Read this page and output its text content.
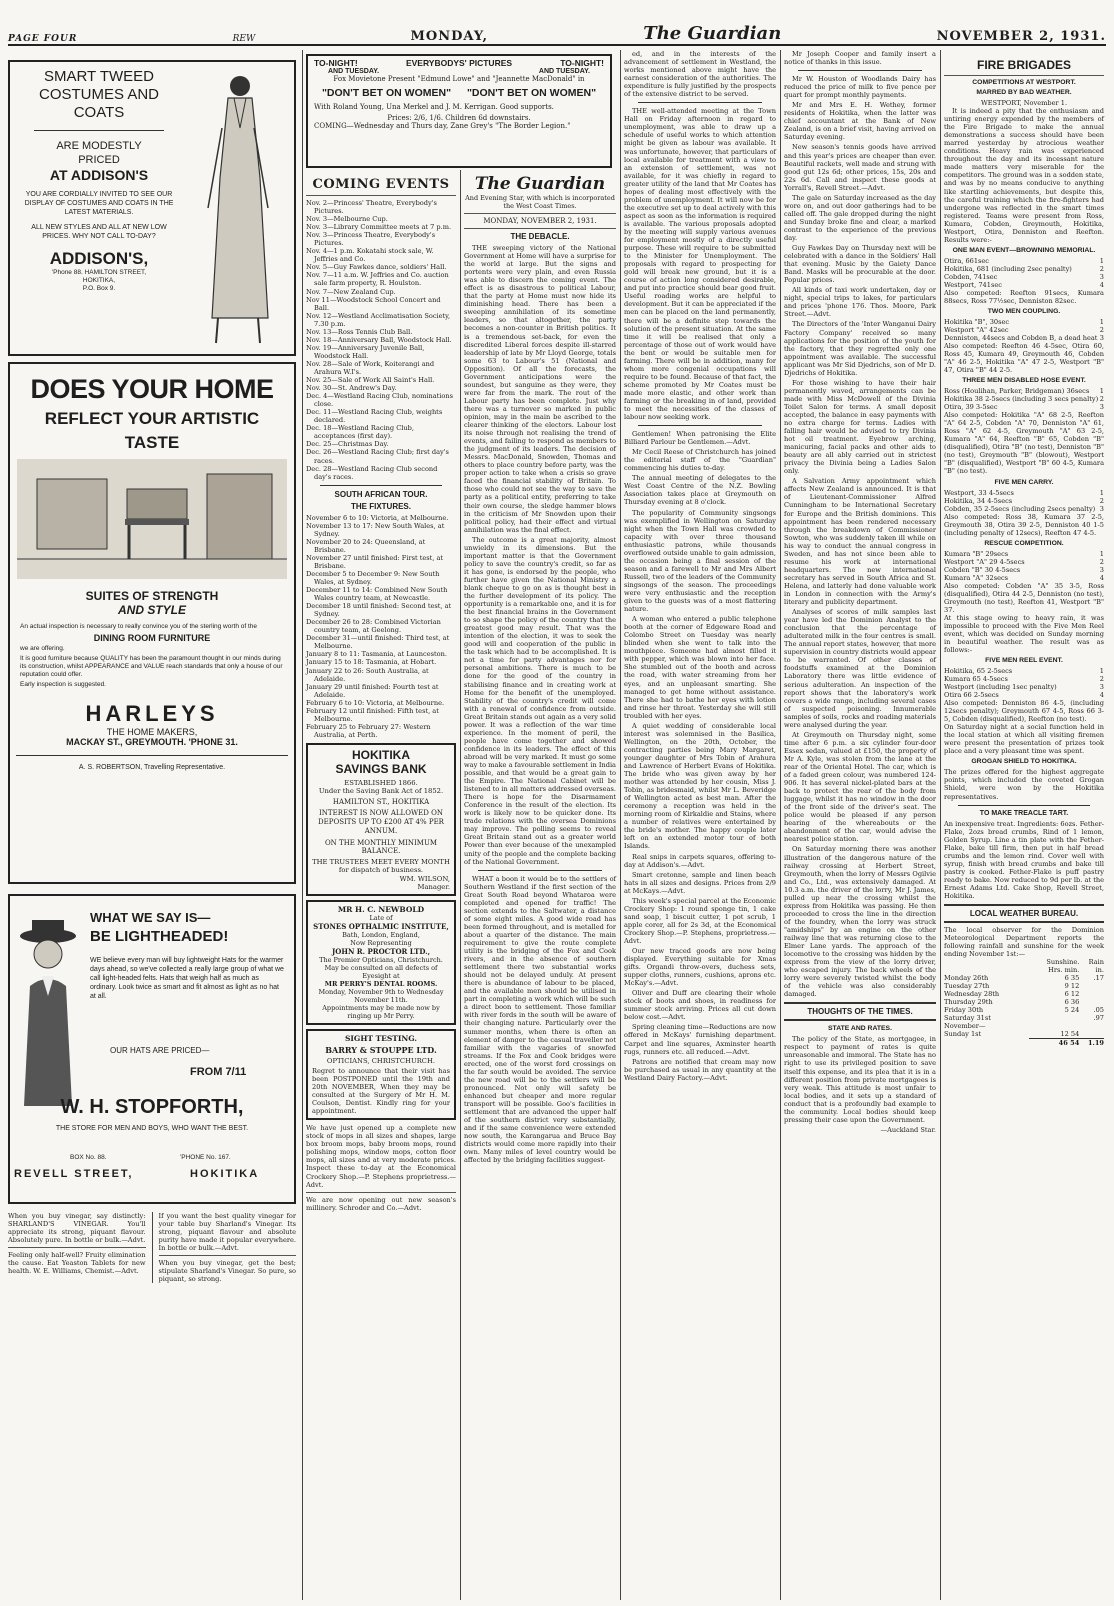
PAGE FOUR	REW	MONDAY,	The Guardian	NOVEMBER 2, 1931.
SMART TWEED
COSTUMES AND
COATS
ARE MODESTLY
PRICED
AT ADDISON'S
YOU ARE CORDIALLY INVITED TO SEE OUR DISPLAY OF COSTUMES AND COATS IN THE LATEST MATERIALS.
ALL NEW STYLES AND ALL AT NEW LOW PRICES. WHY NOT CALL TO-DAY?
ADDISON'S,
'Phone 88. HAMILTON STREET,
HOKITIKA,
P.O. Box 9.
DOES YOUR HOME
REFLECT YOUR ARTISTIC
TASTE
SUITES OF STRENGTH
AND STYLE
An actual inspection is necessary to really convince you of the sterling worth of the
DINING ROOM FURNITURE
we are offering.
It is good furniture because QUALITY has been the paramount thought in our minds during its construction, whilst APPEARANCE and VALUE reach standards that only a house of our reputation could offer.
Early inspection is suggested.
HARLEYS
THE HOME MAKERS,
MACKAY ST., GREYMOUTH. 'PHONE 31.
A. S. ROBERTSON, Travelling Representative.
WHAT WE SAY IS—
BE LIGHTHEADED!
WE believe every man will buy lightweight Hats for the warmer days ahead, so we've collected a really large group of what we call light-headed felts. Hats that weigh half as much as ordinary. Look twice as smart and fit almost as light as no hat at all.
OUR HATS ARE PRICED—
FROM 7/11
W. H. STOPFORTH,
THE STORE FOR MEN AND BOYS, WHO WANT THE BEST.
BOX No. 88.	'PHONE No. 167.
REVELL STREET,	HOKITIKA

When you buy vinegar, say distinctly: SHARLAND'S VINEGAR. You'll appreciate its strong, piquant flavour. Absolutely pure. In bottle or bulk.—Advt.

Feeling only half-well? Fruity elimination the cause. Eat Yeaston Tablets for new health. W. E. Williams, Chemist.—Advt.

If you want the best quality vinegar for your table buy Sharland's Vinegar. Its strong, piquant flavour and absolute purity have made it popular everywhere. In bottle or bulk.—Advt.

When you buy vinegar, get the best; stipulate Sharland's Vinegar. So pure, so piquant, so strong.

TO-NIGHT!	EVERYBODYS' PICTURES	TO-NIGHT!
AND TUESDAY.	AND TUESDAY.
Fox Movietone Present "Edmund Lowe" and "Jeannette MacDonald" in
"DON'T BET ON WOMEN" "DON'T BET ON WOMEN"
With Roland Young, Una Merkel and J. M. Kerrigan. Good supports.
Prices: 2/6, 1/6. Children 6d downstairs.
COMING—Wednesday and Thurs day, Zane Grey's "The Border Legion."
COMING EVENTS

Nov. 2—Princess' Theatre, Everybody's Pictures.

Nov. 3—Melbourne Cup.

Nov. 3—Library Committee meets at 7 p.m.

Nov. 3—Princess Theatre, Everybody's Pictures.

Nov. 4—1 p.m. Kokatahi stock sale, W. Jeffries and Co.

Nov. 5—Guy Fawkes dance, soldiers' Hall.

Nov. 7—11 a.m. W. Jeffries and Co. auction sale farm property, R. Houlston.

Nov. 7—New Zealand Cup.

Nov 11—Woodstock School Concert and Ball.

Nov. 12—Westland Acclimatisation Society, 7.30 p.m.

Nov. 13—Ross Tennis Club Ball.

Nov. 18—Anniversary Ball, Woodstock Hall.

Nov. 19—Anniversary Juvenile Ball, Woodstock Hall.

Nov. 28—Sale of Work, Koiterangi and Arahura W.I's.

Nov. 25—Sale of Work All Saint's Hall.

Nov. 30—St. Andrew's Day.

Dec. 4—Westland Racing Club, nominations close.

Dec. 11—Westland Racing Club, weights declared.

Dec. 18—Westland Racing Club, acceptances (first day).

Dec. 25—Christmas Day.

Dec. 26—Westland Racing Club; first day's races.

Dec. 28—Westland Racing Club second day's races.

SOUTH AFRICAN TOUR.
THE FIXTURES.

November 6 to 10: Victoria, at Melbourne.

November 13 to 17: New South Wales, at Sydney.

November 20 to 24: Queensland, at Brisbane.

November 27 until finished: First test, at Brisbane.

December 5 to December 9: New South Wales, at Sydney.

December 11 to 14: Combined New South Wales country team, at Newcastle.

December 18 until finished: Second test, at Sydney.

December 26 to 28: Combined Victorian country team, at Geelong.

December 31—until finished: Third test, at Melbourne.

January 8 to 11: Tasmania, at Launceston.

January 15 to 18: Tasmania, at Hobart.

January 22 to 26: South Australia, at Adelaide.

January 29 until finished: Fourth test at Adelaide.

February 6 to 10: Victoria, at Melbourne.

February 12 until finished: Fifth test, at Melbourne.

February 25 to February 27: Western Australia, at Perth.

HOKITIKA
SAVINGS BANK
ESTABLISHED 1866.
Under the Saving Bank Act of 1852.
HAMILTON ST., HOKITIKA
INTEREST IS NOW ALLOWED ON DEPOSITS UP TO £200 AT 4% PER ANNUM.
ON THE MONTHLY MINIMUM BALANCE.
THE TRUSTEES MEET EVERY MONTH for dispatch of business.
WM. WILSON,
Manager.
MR H. C. NEWBOLD
Late of
STONES OPTHALMIC INSTITUTE,
Bath, London, England,
Now Representing
JOHN R. PROCTOR LTD.,
The Premier Opticians, Christchurch.
May be consulted on all defects of Eyesight at
MR PERRY'S DENTAL ROOMS.
Monday, November 9th to Wednesday November 11th.
Appointments may be made now by ringing up Mr Perry.
SIGHT TESTING.
BARRY & STOUPPE LTD.
OPTICIANS, CHRISTCHURCH.
Regret to announce that their visit has been POSTPONED until the 19th and 20th NOVEMBER, When they may be consulted at the Surgery of Mr H. M. Coulson, Dentist. Kindly ring for your appointment.

We have just opened up a complete new stock of mops in all sizes and shapes, large box broom mops, baby broom mops, round polishing mops, window mops, cotton floor mops, all sizes and at very moderate prices. Inspect these to-day at the Economical Crockery Shop.—P. Stephens proprietress.—Advt.

We are now opening out new season's millinery. Schroder and Co.—Advt.

The Guardian
And Evening Star, with which is incorporated the West Coast Times.
MONDAY, NOVEMBER 2, 1931.
THE DEBACLE.

THE sweeping victory of the National Government at Home will have a surprise for the world at large. But the signs and portents were very plain, and even Russia was able to discern the coming event. The effect is as disastrous to political Labour, that the party at Home must now hide its diminishing head. There has been a sweeping annihilation of its sometime leaders, so that altogether, the party becomes a non-counter in British politics. It is a tremendous set-back, for even the discredited Liberal forces despite ill-starred leadership of late by Mr Lloyd George, totals some 63 to Labour's 51 (National and Opposition). Of all the forecasts, the Government anticipations were the soundest, but sanguine as they were, they were far from the mark. The rout of the Labour party has been complete. Just why there was a turnover so marked in public opinion, may in the main be ascribed to the clearer thinking of the electors. Labour lost its noise through not realising the trend of events, and failing to respond as members to the judgment of its leaders. The decision of Messrs. MacDonald, Snowden, Thomas and others to place country before party, was the proper action to take when a crisis so grave faced the financial stability of Britain. To those who could not see the way to save the party as a political entity, preferring to take their own course, the sledge hammer blows in the criticism of Mr Snowden upon their political policy, had their effect and virtual annihilation was the final effect.

The outcome is a great majority, almost unwieldy in its dimensions. But the important matter is that the Government policy to save the country's credit, so far as it has gone, is endorsed by the people, who further have given the National Ministry a blank cheque to go on as is thought best in the further development of its policy. The opportunity is a remarkable one, and it is for the best financial brains in the Government to so shape the policy of the country that the greatest good may result. That was the intention of the election, it was to seek the good will and cooperation of the public in the task which had to be accomplished. It is not a time for party advantages nor for personal ambitions. There is much to be done for the good of the country in stabilising finance and in creating work at Home for the benefit of the unemployed. Stability of the country's credit will come with a renewal of confidence from outside. Great Britain stands out again as a very solid power. It was a reflection of the war time experience. In the moment of peril, the people have come together and showed confidence in its leaders. The effect of this abroad will be very marked. It must go some way to make a favourable settlement in India possible, and that would be a great gain to the Empire. The National Cabinet will be listened to in all matters addressed overseas. There is hope for the Disarmament Conference in the result of the election. Its work is likely now to be quicker done. Its trade relations with the oversea Dominions may improve. The polling seems to reveal Great Britain stand out as a greater world Power than ever because of the unexampled unity of the people and the complete backing of the National Government.

WHAT a boon it would be to the settlers of Southern Westland if the first section of the Great South Road beyond Whataroa were completed and opened for traffic! The section extends to the Saltwater, a distance of some eight miles. A good wide road has been formed throughout, and is metalled for about a quarter of the distance. The main requirement to give the route complete utility is the bridging of the Fox and Cook rivers, and in the absence of southern settlement there two substantial works should not be delayed unduly. At present there is abundance of labour to be placed, and the available men should be utilised in part in completing a work which will be such a direct boon to settlement. Those familiar with river fords in the south will be aware of their changing nature. Particularly over the summer months, when there is often an element of danger to the casual traveller not familiar with the vagaries of snowfed streams. If the Fox and Cook bridges were erected, one of the worst ford crossings on the far south would be avoided. The service the new road will be to the settlers will be pronounced. Not only will safety be enhanced but cheaper and more regular transport will be possible. Goo's facilities in settlement that are advanced the upper half of the southern district very substantially, and if the same convenience were extended now south, the Karangarua and Bruce Bay districts would come more rapidly into their own. Many miles of level country would be affected by the bridging facilities suggest-

ed, and in the interests of the advancement of settlement in Westland, the works mentioned above might have the earnest consideration of the authorities. The expenditure is fully justified by the prospects of the extensive district to be served.

THE well-attended meeting at the Town Hall on Friday afternoon in regard to unemployment, was able to draw up a schedule of useful works to which attention might be given as labour was available. It was unfortunate, however, that particulars of local available for treatment with a view to an extension of settlement, was not available, for it was chiefly in regard to greater utility of the land that Mr Coates has hopes of dealing most effectively with the problem of unemployment. It will now be for the executive set up to deal actively with this aspect as soon as the information is required is available. The various proposals adopted by the meeting will supply various avenues for employment mostly of a directly useful purpose. These will require to be submitted to the Minister for Unemployment. The proposals with regard to prospecting for gold will break new ground, but it is a course of action long considered desirable, and put into practice should bear good fruit. Useful roading works are helpful to development. But it can be appreciated if the men can be placed on the land permanently, there will be a definite step towards the solution of the present situation. At the same time it will be realised that only a percentage of those out of work would have the bent or would be suitable men for farming. There will be in addition, many for whom more congenial occupations will require to be found. Because of that fact, the scheme promoted by Mr Coates must be made more elastic, and other work than farming or the breaking in of land, provided to meet the necessities of the classes of labour now seeking work.

Gentlemen! When patronising the Elite Billiard Parlour be Gentlemen.—Advt.

Mr Cecil Reese of Christchurch has joined the editorial staff of the "Guardian" commencing his duties to-day.

The annual meeting of delegates to the West Coast Centre of the N.Z. Bowling Association takes place at Greymouth on Thursday evening at 8 o'clock.

The popularity of Community singsongs was exemplified in Wellington on Saturday night when the Town Hall was crowded to capacity with over three thousand enthusiastic patrons, while thousands overflowed outside unable to gain admission, the occasion being a final session of the season and a farewell to Mr and Mrs Albert Russell, two of the leaders of the Community singsongs of the season. The proceedings were very enthusiastic and the reception given to the guests was of a most flattering nature.

A woman who entered a public telephone booth at the corner of Edgeware Road and Colombo Street on Tuesday was nearly blinded when she went to talk into the mouthpiece. Someone had almost filled it with pepper, which was blown into her face. She stumbled out of the booth and across the road, with water streaming from her eyes, and an unpleasant smarting. She managed to get home without assistance. There she had to bathe her eyes with lotion and rinse her throat. Yesterday she will still troubled with her eyes.

A quiet wedding of considerable local interest was solemnised in the Basilica, Wellington, on the 20th, October, the contracting parties being Mary Margaret, younger daughter of Mrs Tobin of Arahura and Lawrence of Herbert Evans of Hokitika. The bride who was given away by her mother was attended by her cousin, Miss J. Tobin, as bridesmaid, whilst Mr L. Beveridge of Wellington acted as best man. After the ceremony a reception was held in the morning room of Kirkaldie and Stains, where a number of relatives were entertained by the bride's mother. The happy couple later left on an extended motor tour of both Islands.

Real snips in carpets squares, offering to-day at Addison's.—Advt.

Smart cretonne, sample and linen beach hats in all sizes and designs. Prices from 2/9 at McKays.—Advt.

This week's special parcel at the Economic Crockery Shop: 1 round sponge tin, 1 cake sand soap, 1 biscuit cutter, 1 pot scrub, 1 apple corer, all for 2s 3d, at the Economical Crockery Shop.—P. Stephens, proprietress.—Advt.

Our new traced goods are now being displayed. Everything suitable for Xmas gifts. Organdi throw-overs, duchess sets, supper cloths, runners, cushions, aprons etc. McKay's.—Advt.

Oliver and Duff are clearing their whole stock of boots and shoes, in readiness for summer stock arriving. Prices all cut down below cost.—Advt.

Spring cleaning time—Reductions are now offered in McKays' furnishing department. Carpet and line squares, Axminster hearth rugs, runners etc. all reduced.—Advt.

Patrons are notified that cream may now be purchased as usual in any quantity at the Westland Dairy Factory.—Advt.

Mr Joseph Cooper and family insert a notice of thanks in this issue.

Mr W. Houston of Woodlands Dairy has reduced the price of milk to five pence per quart for prompt monthly payments.

Mr and Mrs E. H. Wethey, former residents of Hokitika, when the latter was chief accountant at the Bank of New Zealand, is on a brief visit, having arrived on Saturday evening.

New season's tennis goods have arrived and this year's prices are cheaper than ever. Beautiful rackets, well made and strung with good gut 12s 6d; other prices, 15s, 20s and 22s 6d. Call and inspect these goods at Yorrall's, Revell Street.—Advt.

The gale on Saturday increased as the day wore on, and out door gatherings had to be called off. The gale dropped during the night and Sunday broke fine and clear, a marked contrast to the experience of the previous day.

Guy Fawkes Day on Thursday next will be celebrated with a dance in the Soldiers' Hall that evening. Music by the Gaiety Dance Band. Masks will be procurable at the door. Popular prices.

All kinds of taxi work undertaken, day or night, special trips to lakes, for particulars and prices 'phone 176. Thos. Moore, Park Street.—Advt.

The Directors of the 'Inter Wanganui Dairy Factory Company' received so many applications for the position of the youth for the factory, that they regretted only one appointment was available. The successful applicant was Mr Sid Djedrichs, son of Mr D. Djedrichs of Hokitika.

For those wishing to have their hair permanently waved, arrangements can be made with Miss McDowell of the Divinia Toilet Salon for terms. A small deposit accepted, the balance in easy payments with no extra charge for terms. Ladies with falling hair would be advised to try Divinia hot oil treatment. Eyebrow arching, manicuring, facial packs and other aids to beauty are all ably carried out in strictest privacy the Divinia being a Ladies Salon only.

A Salvation Army appointment which affects New Zealand is announced. It is that of Lieutenant-Commissioner Alfred Cunningham to be International Secretary for Europe and the British dominions. This appointment has been rendered necessary through the breakdown of Commissioner Sowton, who was suddenly taken ill while on his way to conduct the annual congress in Sweden, and has not since been able to resume his work at international headquarters. The new international secretary has served in South Africa and St. Helena, and latterly had done valuable work in London in connection with the Army's literary and publicity department.

Analyses of scores of milk samples last year have led the Dominion Analyst to the conclusion that the percentage of adulterated milk in the four centres is small. The annual report states, however, that more supervision in country districts would appear to be warranted. Of other classes of foodstuffs examined at the Dominion Laboratory there was little evidence of serious adulteration. An inspection of the report shows that the laboratory's work covers a wide range, including several cases of suspected poisoning. Innumerable samples of soils, rocks and roading materials were analysed during the year.

At Greymouth on Thursday night, some time after 6 p.m. a six cylinder four-door Essex sedan, valued at £150, the property of Mr A. Kyle, was stolen from the lane at the rear of the Oriental Hotel. The car, which is of a faded green colour, was numbered 124-906. It has several nickel-plated bars at the back to protect the rear of the body from luggage, whilst it has no window in the door of the front side of the driver's seat. The police would be pleased if any person hearing of the whereabouts or the abandonment of the car, would advise the nearest police station.

On Saturday morning there was another illustration of the dangerous nature of the railway crossing at Herbert Street, Greymouth, when the lorry of Messrs Ogilvie and Co., Ltd., was extensively damaged. At 10.3 a.m. the driver of the lorry, Mr J. James, pulled up near the crossing whilst the express from Hokitika was passing. He then proceeded to cross the line in the direction of the foundry, when the lorry was struck "amidships" by an engine on the other railway line that was returning close to the Elmer Lane yards. The approach of the locomotive to the crossing was hidden by the express from the view of the lorry driver, who escaped injury. The back wheels of the lorry were severely twisted whilst the body of the vehicle was also considerably damaged.

THOUGHTS OF THE TIMES.
STATE AND RATES.

The policy of the State, as mortgagee, in respect to payment of rates is quite unreasonable and immoral. The State has no right to use its privileged position to save itself this expense, and its plea that it is in a different position from private mortgagees is very weak. This attitude is most unfair to local bodies, and it sets up a standard of conduct that is a profoundly bad example to the community. Local bodies should keep pressing their case upon the Government.

—Auckland Star.
FIRE BRIGADES
COMPETITIONS AT WESTPORT.
MARRED BY BAD WEATHER.
WESTPORT, November 1.

It is indeed a pity that the enthusiasm and untiring energy expended by the members of the Fire Brigade to make the annual demonstrations a success should have been marred yesterday by atrocious weather conditions. Heavy rain was experienced throughout the day and its incessant nature made matters very miserable for the competitors. The ground was in a sodden state, and was by no means conducive to anything like startling achievements, but despite this, the careful training which the fire-fighters had undergone was reflected in the smart times registered. Teams were present from Ross, Kumara, Cobden, Greymouth, Hokitika, Westport, Otira, Denniston and Reefton. Results were:-

ONE MAN EVENT—BROWNING MEMORIAL.
Otira, 661sec	1
Hokitika, 681 (including 2sec penalty)	2
Cobden, 741sec	3
Westport, 741sec	4

Also competed: Reefton 91secs, Kumara 88secs, Ross 77½sec, Denniston 82sec.

TWO MEN COUPLING.
Hokitika "B", 30sec	1
Westport "A" 42sec	2
Denniston, 44secs and Cobden B, a dead heat	3

Also competed: Reefton 46 4-5sec, Otira 60, Ross 45, Kumara 49, Greymouth 46, Cobden "A" 46 2-5, Hokitika "A" 47 2-5, Westport "B" 47, Otira "B" 44 2-5.

THREE MEN DISABLED HOSE EVENT.
Ross (Houlihan, Parker, Bridgeman) 36secs	1
Hokitika 38 2-5secs (including 3 secs penalty)	2
Otira, 39 3-5sec	3

Also competed: Hokitika "A" 68 2-5, Reefton "A" 64 2-5, Cobden "A" 70, Denniston "A" 61, Ross "A" 62 4-5, Greymouth "A" 63 2-5, Kumara "A" 64, Reefton "B" 65, Cobden "B" (disqualified), Otira "B" (no test), Denniston "B" (no test), Greymouth "B" (blowout), Westport "B" (disqualified), Westport "B" 60 4-5, Kumara "B" (no test).

FIVE MEN CARRY.
Westport, 33 4-5secs	1
Hokitika, 34 4-5secs	2
Cobden, 35 2-5secs (including 2secs penalty)	3

Also competed: Ross 38, Kumara 37 2-5, Greymouth 38, Otira 39 2-5, Denniston 40 1-5 (including penalty of 12secs), Reefton 47 4-5.

RESCUE COMPETITION.
Kumara "B" 29secs	1
Westport "A" 29 4-5secs	2
Cobden "B" 30 4-5secs	3
Kumara "A" 32secs	4

Also competed: Cobden "A" 35 3-5, Ross (disqualified), Otira 44 2-5, Denniston (no test), Greymouth (no test), Reefton 41, Westport "B" 37.

At this stage owing to heavy rain, it was impossible to proceed with the Five Men Reel event, which was decided on Sunday morning in beautiful weather. The result was as follows:-

FIVE MEN REEL EVENT.
Hokitika, 65 2-5secs	1
Kumara 65 4-5secs	2
Westport (including 1sec penalty)	3
Otira 66 2-5secs	4

Also competed: Denniston 86 4-5, (including 12secs penalty); Greymouth 67 4-5, Ross 66 3-5, Cobden (disqualified), Reefton (no test).

On Saturday night at a social function held in the local station at which all visiting firemen were present the presentation of prizes took place and a very pleasant time was spent.

GROGAN SHIELD TO HOKITIKA.

The prizes offered for the highest aggregate points, which included the coveted Grogan Shield, were won by the Hokitika representatives.

TO MAKE TREACLE TART.

An inexpensive treat. Ingredients: 6ozs. Fether-Flake, 2ozs bread crumbs, Rind of 1 lemon, Golden Syrup. Line a tin plate with the Fether-Flake, bake till firm, then put in half bread crumbs and the lemon rind. Cover well with syrup, finish with bread crumbs and bake till pastry is cooked. Fether-Flake is puff pastry ready to bake. Now reduced to 9d per lb. at the Ernest Adams Ltd. Cake Shop, Revell Street, Hokitika.

LOCAL WEATHER BUREAU.

The local observer for the Dominion Meteorological Department reports the following rainfall and sunshine for the week ending November 1st:—

	Sunshine.	Rain
	Hrs. min.	in.
Monday 26th	6 35	.17
Tuesday 27th	9 12	
Wednesday 28th	6 12	
Thursday 29th	6 36	
Friday 30th	5 24	.05
Saturday 31st		.97
November—		
Sunday 1st	12 54	
	46 54	1.19
